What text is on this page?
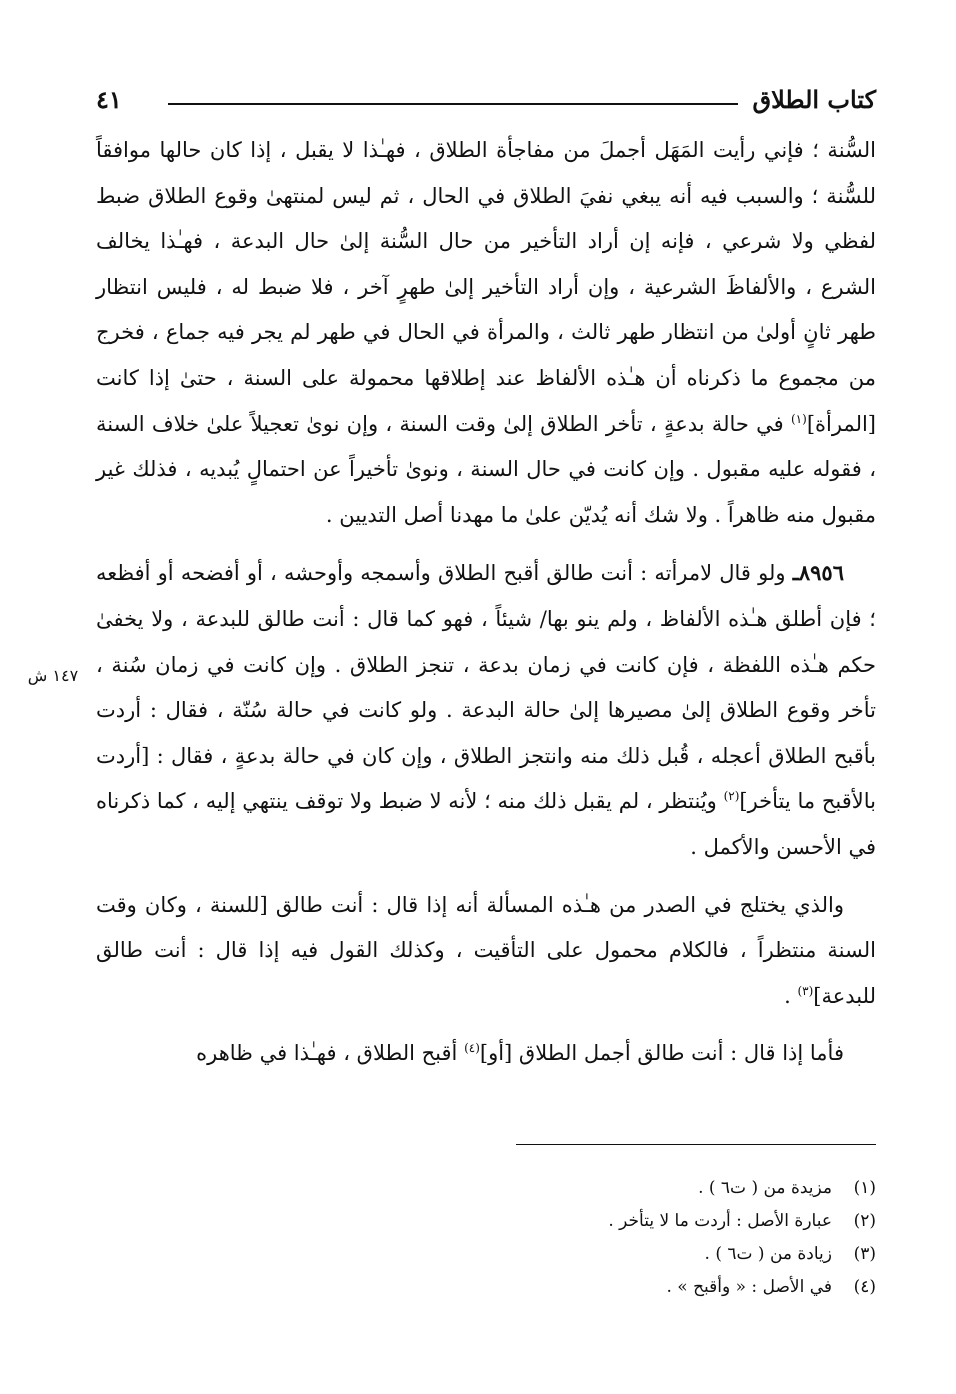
كتاب الطلاق
٤١

السُّنة ؛ فإني رأيت المَهَل أجملَ من مفاجأة الطلاق ، فهـٰذا لا يقبل ، إذا كان حالها موافقاً للسُّنة ؛ والسبب فيه أنه يبغي نفيَ الطلاق في الحال ، ثم ليس لمنتهىٰ وقوع الطلاق ضبط لفظي ولا شرعي ، فإنه إن أراد التأخير من حال السُّنة إلىٰ حال البدعة ، فهـٰذا يخالف الشرع ، والألفاظَ الشرعية ، وإن أراد التأخير إلىٰ طهرٍ آخر ، فلا ضبط له ، فليس انتظار طهر ثانٍ أولىٰ من انتظار طهر ثالث ، والمرأة في الحال في طهر لم يجر فيه جماع ، فخرج من مجموع ما ذكرناه أن هـٰذه الألفاظ عند إطلاقها محمولة على السنة ، حتىٰ إذا كانت [المرأة]$^{(١)}$ في حالة بدعةٍ ، تأخر الطلاق إلىٰ وقت السنة ، وإن نوىٰ تعجيلاً علىٰ خلاف السنة ، فقوله عليه مقبول . وإن كانت في حال السنة ، ونوىٰ تأخيراً عن احتمالٍ يُبديه ، فذلك غير مقبول منه ظاهراً . ولا شك أنه يُديّن علىٰ ما مهدنا أصل التديين .

٨٩٥٦ـ ولو قال لامرأته : أنت طالق أقبح الطلاق وأسمجه وأوحشه ، أو أفضحه أو أفظعه ؛ فإن أطلق هـٰذه الألفاظ ، ولم ينو بها/ شيئاً ، فهو كما قال : أنت طالق للبدعة ، ولا يخفىٰ حكم هـٰذه اللفظة ، فإن كانت في زمان بدعة ، تنجز الطلاق . وإن كانت في زمان سُنة ، تأخر وقوع الطلاق إلىٰ مصيرها إلىٰ حالة البدعة . ولو كانت في حالة سُنّة ، فقال : أردت بأقبح الطلاق أعجله ، قُبل ذلك منه وانتجز الطلاق ، وإن كان في حالة بدعةٍ ، فقال : [أردت بالأقبح ما يتأخر]$^{(٢)}$ ويُنتظر ، لم يقبل ذلك منه ؛ لأنه لا ضبط ولا توقف ينتهي إليه ، كما ذكرناه في الأحسن والأكمل .

والذي يختلج في الصدر من هـٰذه المسألة أنه إذا قال : أنت طالق [للسنة ، وكان وقت السنة منتظراً ، فالكلام محمول على التأقيت ، وكذلك القول فيه إذا قال : أنت طالق للبدعة]$^{(٣)}$ .

فأما إذا قال : أنت طالق أجمل الطلاق [أو]$^{(٤)}$ أقبح الطلاق ، فهـٰذا في ظاهره

١٤٧ ش
(١)
مزيدة من ( ت٦ ) .
(٢)
عبارة الأصل : أردت ما لا يتأخر .
(٣)
زيادة من ( ت٦ ) .
(٤)
في الأصل : « وأقبح » .
